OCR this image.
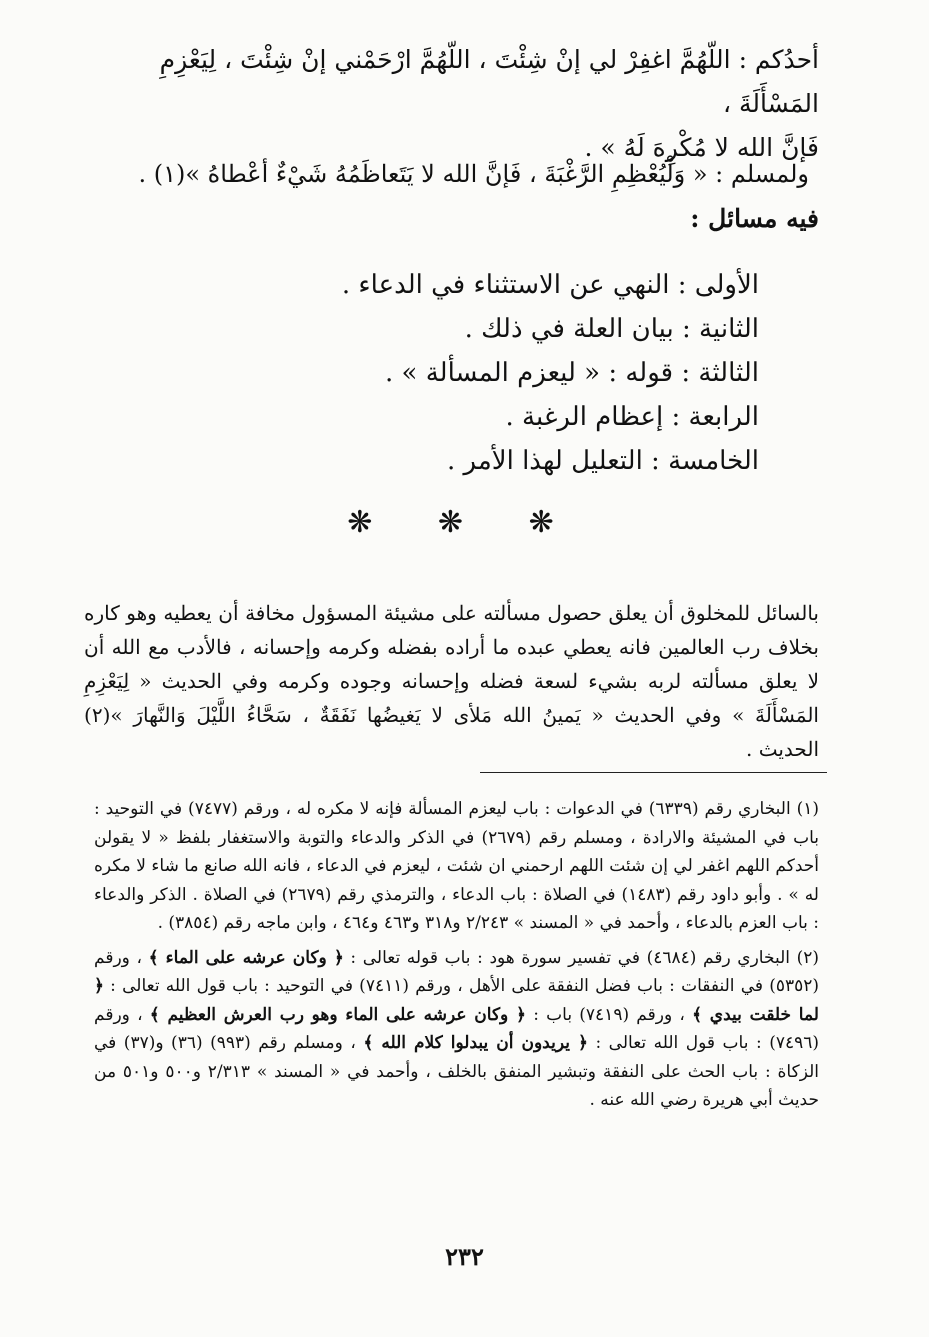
أحدُكم : اللّهُمَّ اغفِرْ لي إنْ شِئْتَ ، اللّهُمَّ ارْحَمْني إنْ شِئْتَ ، لِيَعْزِمِ المَسْأَلَةَ ،

فَإنَّ الله لا مُكْرِهَ لَهُ » .

ولمسلم : « وَلْيُعْظِمِ الرَّغْبَةَ ، فَإنَّ الله لا يَتَعاظَمُهُ شَيْءٌ أعْطاهُ »(١) .
فيه مسائل :
الأولى : النهي عن الاستثناء في الدعاء .
الثانية : بيان العلة في ذلك .
الثالثة : قوله : « ليعزم المسألة » .
الرابعة : إعظام الرغبة .
الخامسة : التعليل لهذا الأمر .
❋ ❋ ❋

بالسائل للمخلوق أن يعلق حصول مسألته على مشيئة المسؤول مخافة أن يعطيه وهو كاره بخلاف رب العالمين فانه يعطي عبده ما أراده بفضله وكرمه وإحسانه ، فالأدب مع الله أن لا يعلق مسألته لربه بشيء لسعة فضله وإحسانه وجوده وكرمه وفي الحديث « لِيَعْزِمِ المَسْأَلَةَ » وفي الحديث « يَمينُ الله مَلأى لا يَغيضُها نَفَقَةٌ ، سَحَّاءُ اللَّيْلَ وَالنَّهارَ »(٢) الحديث .

(١) البخاري رقم (٦٣٣٩) في الدعوات : باب ليعزم المسألة فإنه لا مكره له ، ورقم (٧٤٧٧) في التوحيد : باب في المشيئة والارادة ، ومسلم رقم (٢٦٧٩) في الذكر والدعاء والتوبة والاستغفار بلفظ « لا يقولن أحدكم اللهم اغفر لي إن شئت اللهم ارحمني ان شئت ، ليعزم في الدعاء ، فانه الله صانع ما شاء لا مكره له » . وأبو داود رقم (١٤٨٣) في الصلاة : باب الدعاء ، والترمذي رقم (٢٦٧٩) في الصلاة . الذكر والدعاء : باب العزم بالدعاء ، وأحمد في « المسند » ٢/٢٤٣ و٣١٨ و٤٦٣ و٤٦٤ ، وابن ماجه رقم (٣٨٥٤) .

(٢) البخاري رقم (٤٦٨٤) في تفسير سورة هود : باب قوله تعالى : ﴿ وكان عرشه على الماء ﴾ ، ورقم (٥٣٥٢) في النفقات : باب فضل النفقة على الأهل ، ورقم (٧٤١١) في التوحيد : باب قول الله تعالى : ﴿ لما خلقت بيدي ﴾ ، ورقم (٧٤١٩) باب : ﴿ وكان عرشه على الماء وهو رب العرش العظيم ﴾ ، ورقم (٧٤٩٦) : باب قول الله تعالى : ﴿ يريدون أن يبدلوا كلام الله ﴾ ، ومسلم رقم (٩٩٣) (٣٦) و(٣٧) في الزكاة : باب الحث على النفقة وتبشير المنفق بالخلف ، وأحمد في « المسند » ٢/٣١٣ و٥٠٠ و٥٠١ من حديث أبي هريرة رضي الله عنه .

٢٣٢
